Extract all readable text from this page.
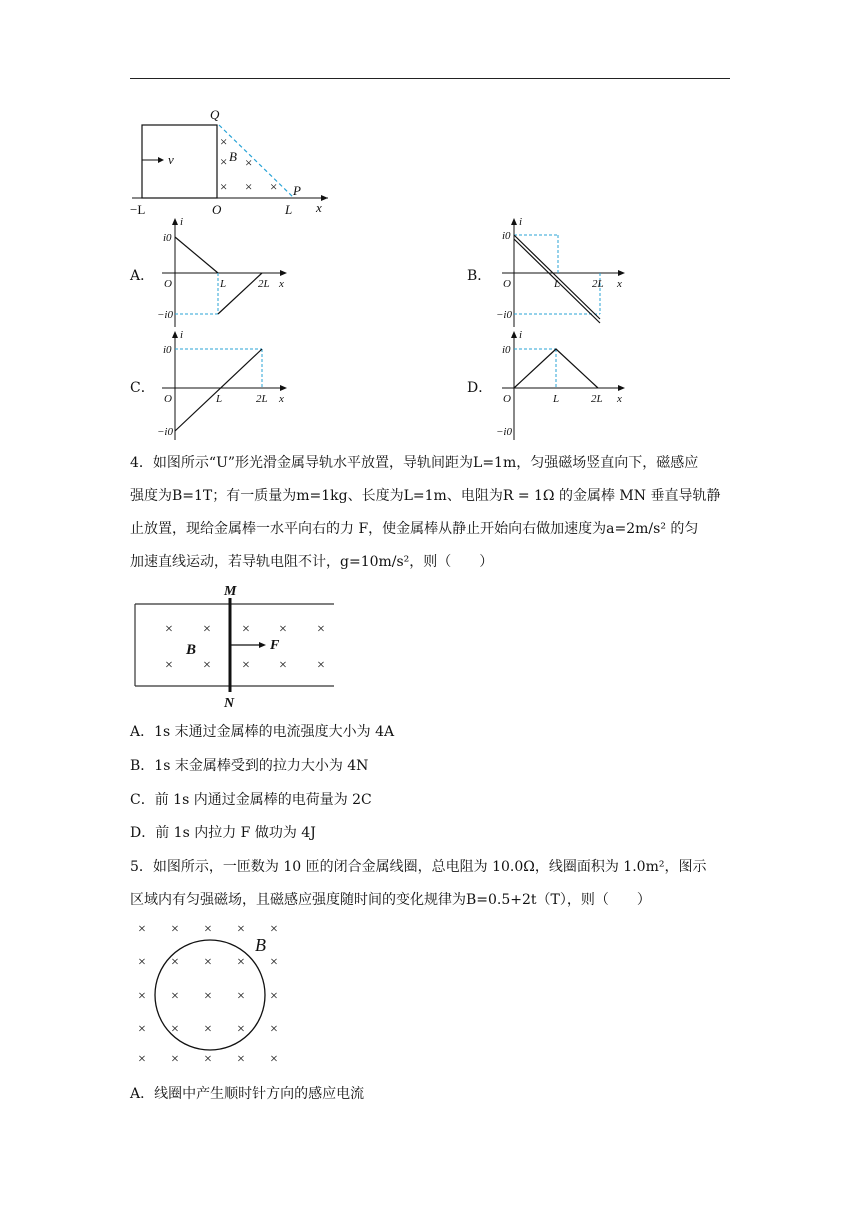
×
× ×
× × ×
Q
B
v
P
−L	O	L x
A．	B．
C．	D．
i
i0
−i0
O	L	2L x
i
i0
−i0
O	L	2L x
i
i0
−i0
O	L	2L x
i
i0
−i0
O	L	2L x
4．如图所示“U”形光滑金属导轨水平放置，导轨间距为L=1m，匀强磁场竖直向下，磁感应
强度为B=1T；有一质量为m=1kg、长度为L=1m、电阻为R = 1Ω 的金属棒 MN 垂直导轨静
止放置，现给金属棒一水平向右的力 F，使金属棒从静止开始向右做加速度为a=2m/s² 的匀
加速直线运动，若导轨电阻不计，g=10m/s²，则（　　）
× × × × ×
× × × × ×
M
N
B	F
A．1s 末通过金属棒的电流强度大小为 4A
B．1s 末金属棒受到的拉力大小为 4N
C．前 1s 内通过金属棒的电荷量为 2C
D．前 1s 内拉力 F 做功为 4J
5．如图所示，一匝数为 10 匝的闭合金属线圈，总电阻为 10.0Ω，线圈面积为 1.0m²，图示
区域内有匀强磁场，且磁感应强度随时间的变化规律为B=0.5+2t（T），则（　　）
× × × × ×
× × × × ×
× × × × ×
× × × × ×
× × × × ×
B
A．线圈中产生顺时针方向的感应电流
